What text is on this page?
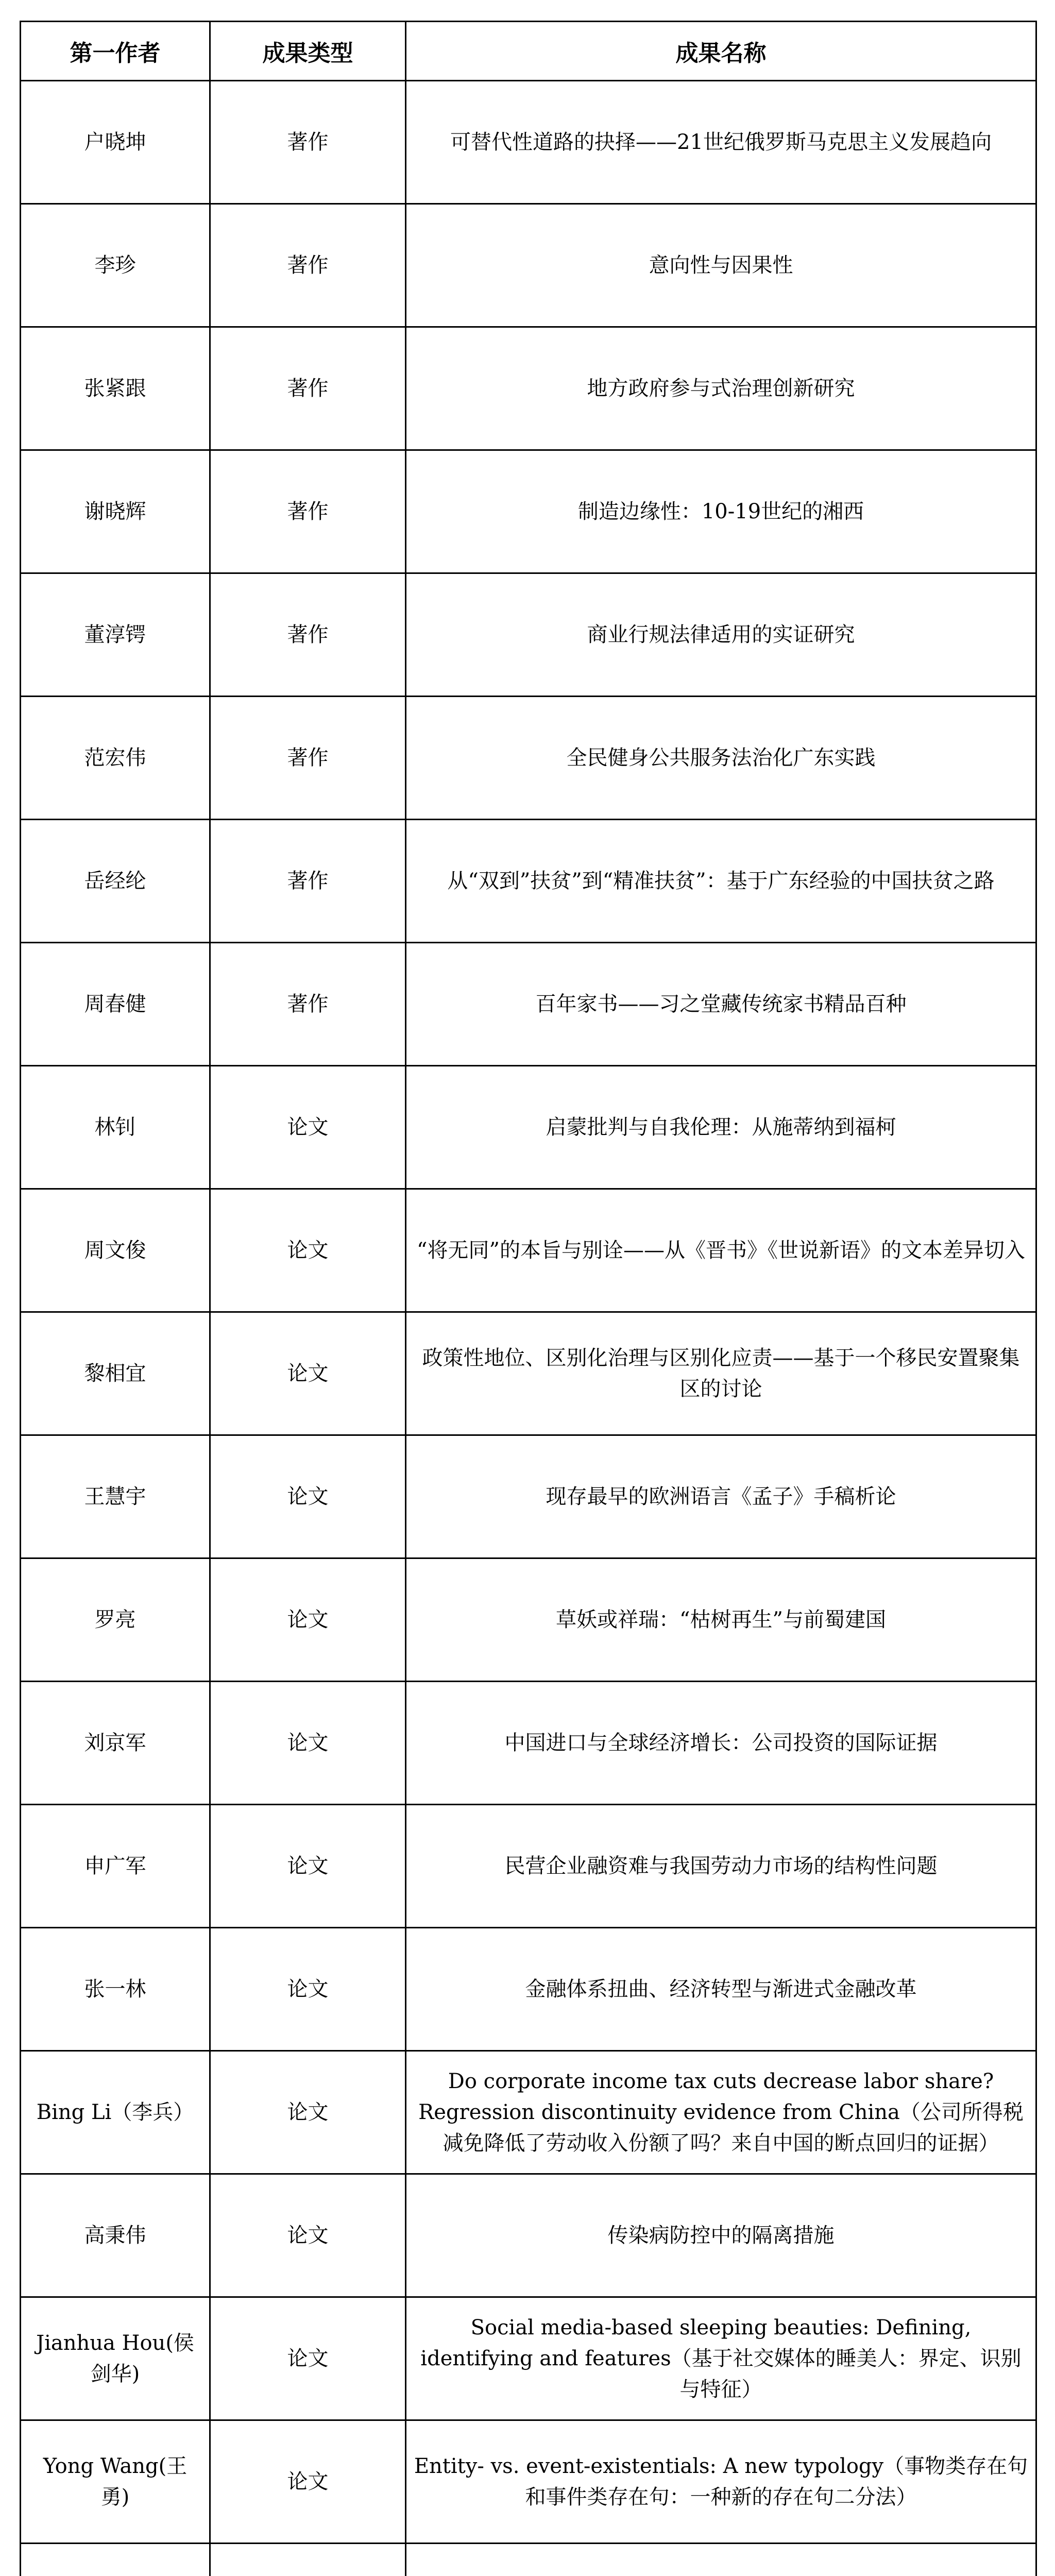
第一作者	成果类型	成果名称
户晓坤	著作	可替代性道路的抉择——21世纪俄罗斯马克思主义发展趋向
李珍	著作	意向性与因果性
张紧跟	著作	地方政府参与式治理创新研究
谢晓辉	著作	制造边缘性：10-19世纪的湘西
董淳锷	著作	商业行规法律适用的实证研究
范宏伟	著作	全民健身公共服务法治化广东实践
岳经纶	著作	从“双到”扶贫”到“精准扶贫”：基于广东经验的中国扶贫之路
周春健	著作	百年家书——习之堂藏传统家书精品百种
林钊	论文	启蒙批判与自我伦理：从施蒂纳到福柯
周文俊	论文	“将无同”的本旨与别诠——从《晋书》《世说新语》的文本差异切入
黎相宜	论文	政策性地位、区别化治理与区别化应责——基于一个移民安置聚集区的讨论
王慧宇	论文	现存最早的欧洲语言《孟子》手稿析论
罗亮	论文	草妖或祥瑞：“枯树再生”与前蜀建国
刘京军	论文	中国进口与全球经济增长：公司投资的国际证据
申广军	论文	民营企业融资难与我国劳动力市场的结构性问题
张一林	论文	金融体系扭曲、经济转型与渐进式金融改革
Bing Li（李兵）	论文	Do corporate income tax cuts decrease labor share? Regression discontinuity evidence from China（公司所得税减免降低了劳动收入份额了吗？来自中国的断点回归的证据）
高秉伟	论文	传染病防控中的隔离措施
Jianhua Hou(侯剑华)	论文	Social media-based sleeping beauties: Defining, identifying and features（基于社交媒体的睡美人：界定、识别与特征）
Yong Wang(王勇)	论文	Entity- vs. event-existentials: A new typology（事物类存在句和事件类存在句：一种新的存在句二分法）
